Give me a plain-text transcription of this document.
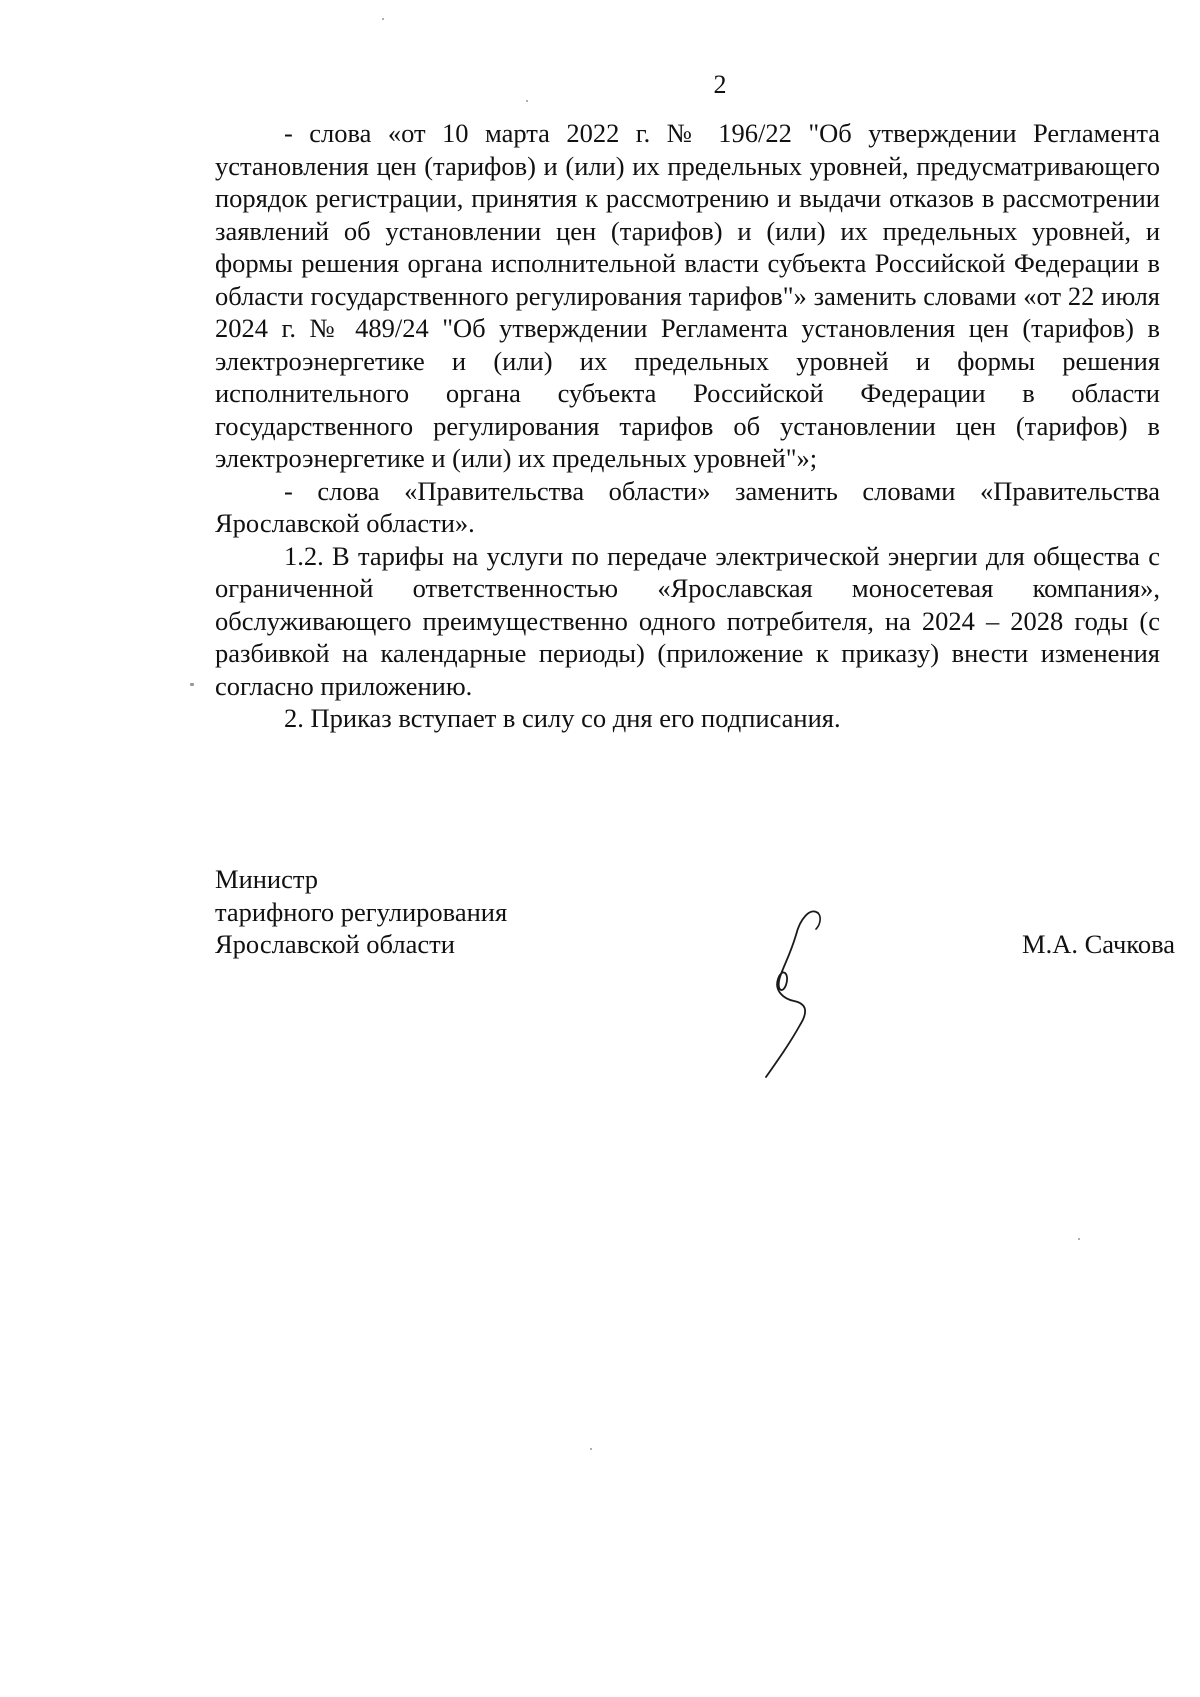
2

- слова «от 10 марта 2022 г. № 196/22 "Об утверждении Регламента установления цен (тарифов) и (или) их предельных уровней, предусматривающего порядок регистрации, принятия к рассмотрению и выдачи отказов в рассмотрении заявлений об установлении цен (тарифов) и (или) их предельных уровней, и формы решения органа исполнительной власти субъекта Российской Федерации в области государственного регулирования тарифов"» заменить словами «от 22 июля 2024 г. № 489/24 "Об утверждении Регламента установления цен (тарифов) в электроэнергетике и (или) их предельных уровней и формы решения исполнительного органа субъекта Российской Федерации в области государственного регулирования тарифов об установлении цен (тарифов) в электроэнергетике и (или) их предельных уровней"»;

- слова «Правительства области» заменить словами «Правительства Ярославской области».

1.2. В тарифы на услуги по передаче электрической энергии для общества с ограниченной ответственностью «Ярославская моносетевая компания», обслуживающего преимущественно одного потребителя, на 2024 – 2028 годы (с разбивкой на календарные периоды) (приложение к приказу) внести изменения согласно приложению.

2. Приказ вступает в силу со дня его подписания.

Министр
тарифного регулирования
Ярославской области	М.А. Сачкова
